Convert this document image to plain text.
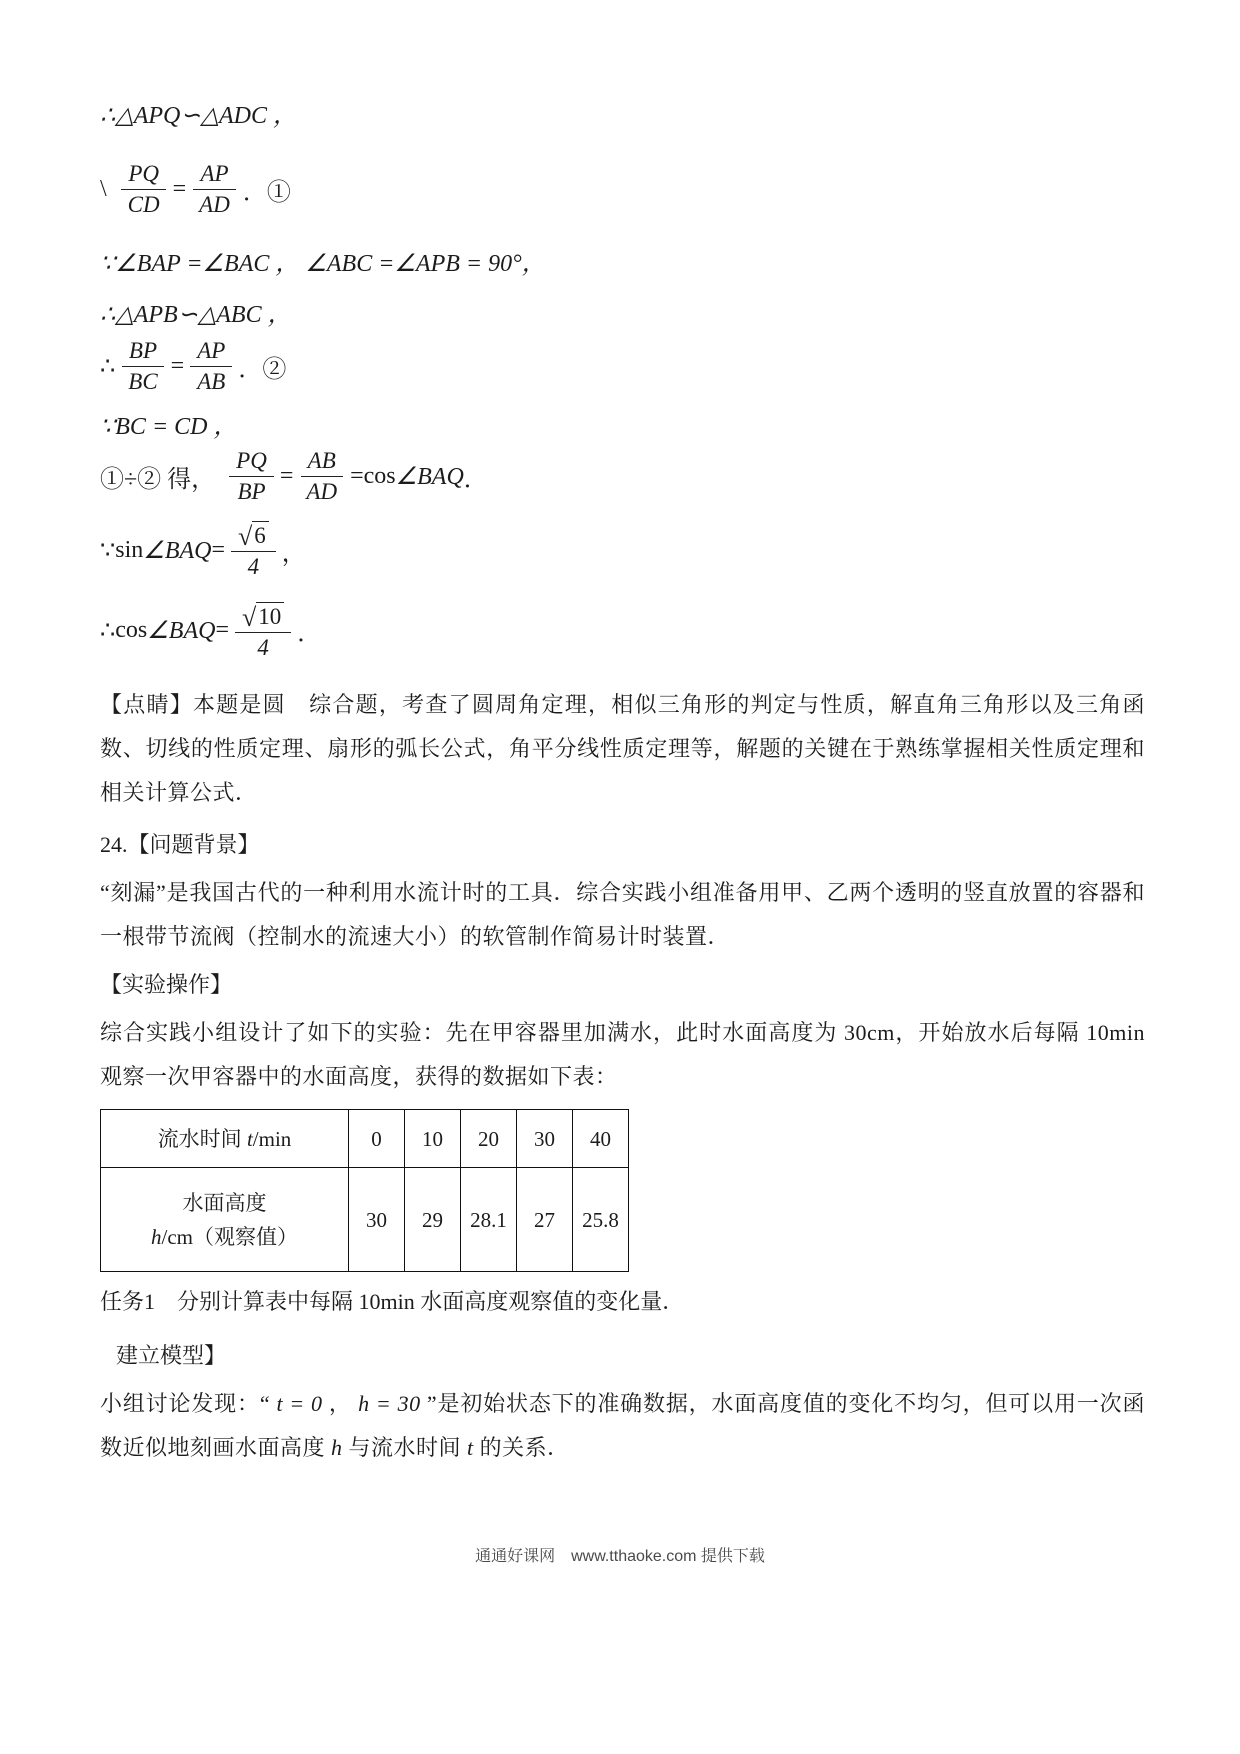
∴△APQ∽△ADC ，
\ $\frac{PQ}{CD} = \frac{AP}{AD}$ ．①
∵∠BAP =∠BAC ， ∠ABC =∠APB = 90°，
∴△APB∽△ABC ，
∴ $\frac{BP}{BC} = \frac{AP}{AB}$ ．②
∵BC = CD ，
①÷② 得， $\frac{PQ}{BP} = \frac{AB}{AD} = \cos$ ∠BAQ ．
∵ sin ∠BAQ = $\frac{√ 6}{4}$ ，
∴ cos ∠BAQ = $\frac{√ 10}{4}$ ．

【点睛】本题是圆　综合题，考查了圆周角定理，相似三角形的判定与性质，解直角三角形以及三角函数、切线的性质定理、扇形的弧长公式，角平分线性质定理等，解题的关键在于熟练掌握相关性质定理和相关计算公式．

24.【问题背景】

“刻漏”是我国古代的一种利用水流计时的工具．综合实践小组准备用甲、乙两个透明的竖直放置的容器和一根带节流阀（控制水的流速大小）的软管制作简易计时装置．

【实验操作】

综合实践小组设计了如下的实验：先在甲容器里加满水，此时水面高度为 30cm，开始放水后每隔 10min 观察一次甲容器中的水面高度，获得的数据如下表：

流水时间 t/min	0	10	20	30	40
水面高度 h/cm（观察值）	30	29	28.1	27	25.8
任务1　分别计算表中每隔 10min 水面高度观察值的变化量．
建立模型】

小组讨论发现：“ t = 0 ， h = 30 ”是初始状态下的准确数据，水面高度值的变化不均匀，但可以用一次函数近似地刻画水面高度 h 与流水时间 t 的关系．

通通好课网　www.tthaoke.com 提供下载
